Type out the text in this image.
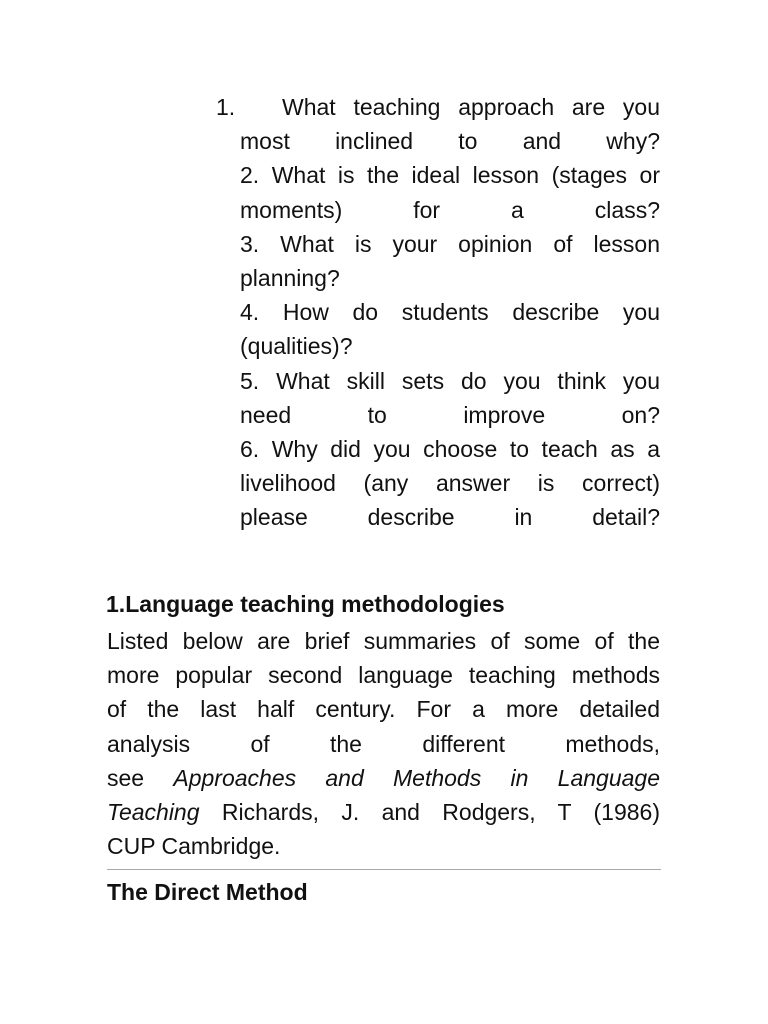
1. What teaching approach are you
most inclined to and why?
2. What is the ideal lesson (stages or
moments) for a class?
3. What is your opinion of lesson
planning?
4. How do students describe you
(qualities)?
5. What skill sets do you think you
need to improve on?
6. Why did you choose to teach as a
livelihood (any answer is correct)
please describe in detail?
1.Language teaching methodologies
Listed below are brief summaries of some of the
more popular second language teaching methods
of the last half century. For a more detailed
analysis of the different methods,
see Approaches and Methods in Language
Teaching Richards, J. and Rodgers, T (1986)
CUP Cambridge.
The Direct Method
